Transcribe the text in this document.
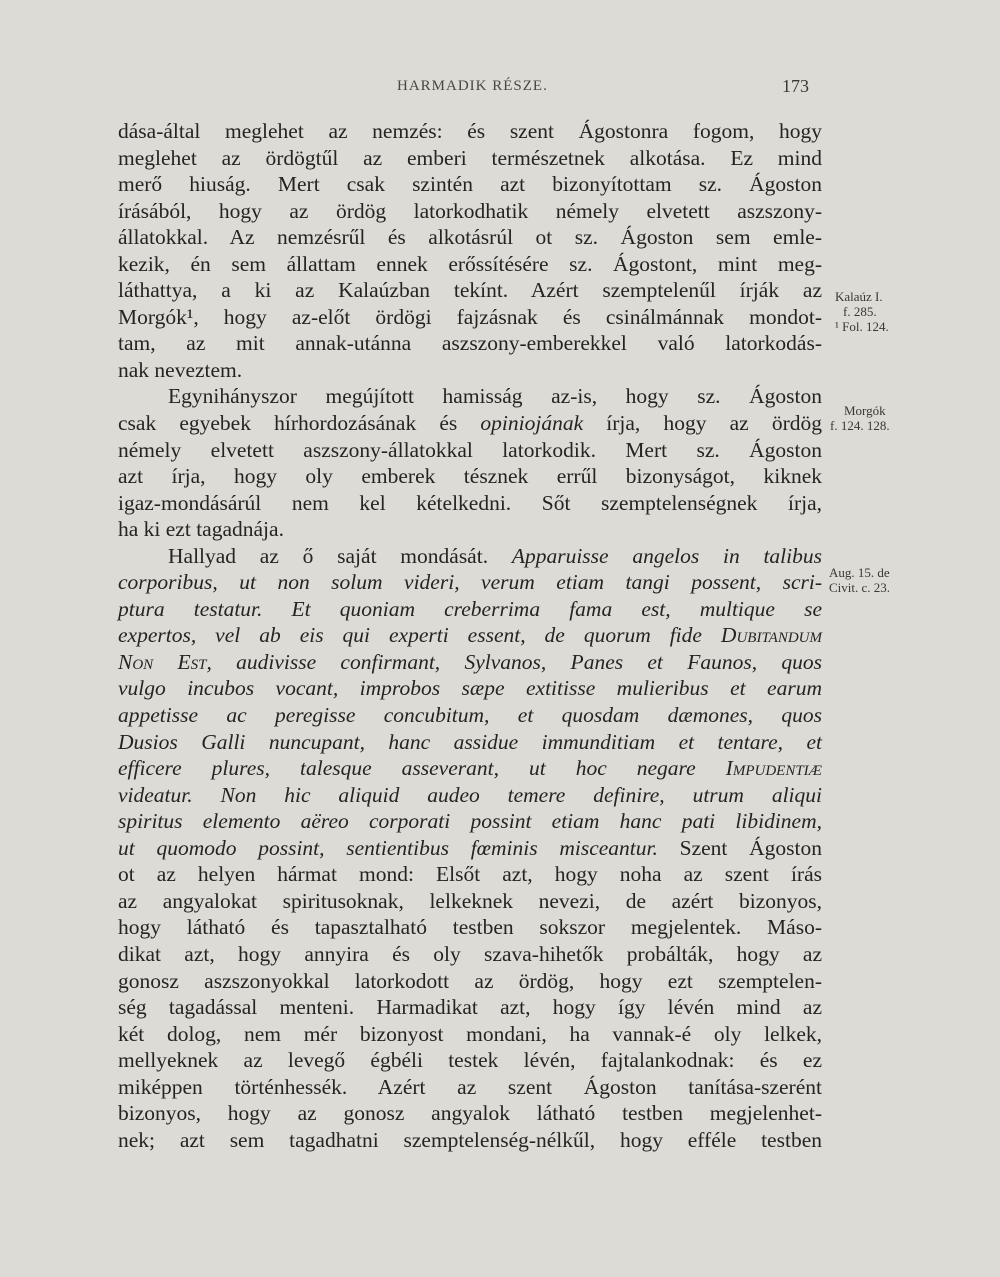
HARMADIK RÉSZE.	173
dása-által meglehet az nemzés: és szent Ágostonra fogom, hogy
meglehet az ördögtűl az emberi természetnek alkotása. Ez mind
merő hiuság. Mert csak szintén azt bizonyítottam sz. Ágoston
írásából, hogy az ördög latorkodhatik némely elvetett aszszony-
állatokkal. Az nemzésrűl és alkotásrúl ot sz. Ágoston sem emle-
kezik, én sem állattam ennek erőssítésére sz. Ágostont, mint meg-
láthattya, a ki az Kalaúzban tekínt. Azért szemptelenűl írják az
Morgók¹, hogy az-előt ördögi fajzásnak és csinálmánnak mondot-
tam, az mit annak-utánna aszszony-emberekkel való latorkodás-
nak neveztem.
Egynihányszor megújított hamisság az-is, hogy sz. Ágoston
csak egyebek hírhordozásának és opiniojának írja, hogy az ördög
némely elvetett aszszony-állatokkal latorkodik. Mert sz. Ágoston
azt írja, hogy oly emberek tésznek errűl bizonyságot, kiknek
igaz-mondásárúl nem kel kételkedni. Sőt szemptelenségnek írja,
ha ki ezt tagadnája.
Hallyad az ő saját mondását. Apparuisse angelos in talibus
corporibus, ut non solum videri, verum etiam tangi possent, scri-
ptura testatur. Et quoniam creberrima fama est, multique se
expertos, vel ab eis qui experti essent, de quorum fide Dubitandum
Non Est, audivisse confirmant, Sylvanos, Panes et Faunos, quos
vulgo incubos vocant, improbos sæpe extitisse mulieribus et earum
appetisse ac peregisse concubitum, et quosdam dæmones, quos
Dusios Galli nuncupant, hanc assidue immunditiam et tentare, et
efficere plures, talesque asseverant, ut hoc negare Impudentiæ
videatur. Non hic aliquid audeo temere definire, utrum aliqui
spiritus elemento aëreo corporati possint etiam hanc pati libidinem,
ut quomodo possint, sentientibus fœminis misceantur. Szent Ágoston
ot az helyen hármat mond: Elsőt azt, hogy noha az szent írás
az angyalokat spiritusoknak, lelkeknek nevezi, de azért bizonyos,
hogy látható és tapasztalható testben sokszor megjelentek. Máso-
dikat azt, hogy annyira és oly szava-hihetők probálták, hogy az
gonosz aszszonyokkal latorkodott az ördög, hogy ezt szemptelen-
ség tagadással menteni. Harmadikat azt, hogy így lévén mind az
két dolog, nem mér bizonyost mondani, ha vannak-é oly lelkek,
mellyeknek az levegő égbéli testek lévén, fajtalankodnak: és ez
miképpen történhessék. Azért az szent Ágoston tanítása-szerént
bizonyos, hogy az gonosz angyalok látható testben megjelenhet-
nek; azt sem tagadhatni szemptelenség-nélkűl, hogy efféle testben
Kalaúz I.
f. 285.
¹ Fol. 124.
Morgók
f. 124. 128.
Aug. 15. de
Civit. c. 23.
